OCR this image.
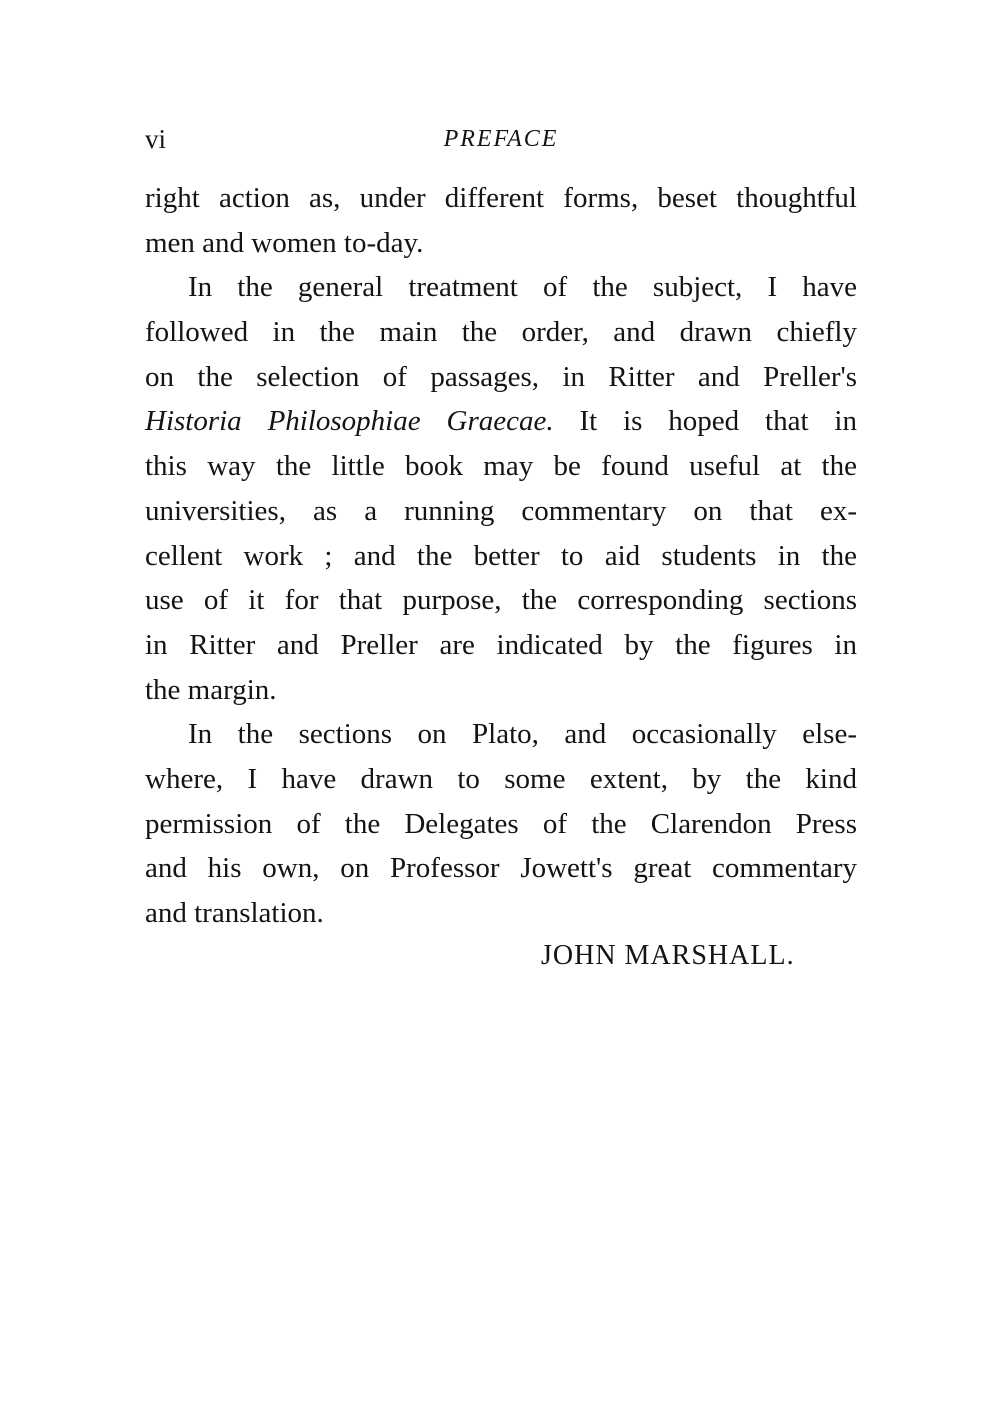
vi	PREFACE
right action as, under different forms, beset thoughtful
men and women to-day.
In the general treatment of the subject, I have
followed in the main the order, and drawn chiefly
on the selection of passages, in Ritter and Preller's
Historia Philosophiae Graecae. It is hoped that in
this way the little book may be found useful at the
universities, as a running commentary on that ex-
cellent work ; and the better to aid students in the
use of it for that purpose, the corresponding sections
in Ritter and Preller are indicated by the figures in
the margin.
In the sections on Plato, and occasionally else-
where, I have drawn to some extent, by the kind
permission of the Delegates of the Clarendon Press
and his own, on Professor Jowett's great commentary
and translation.
JOHN MARSHALL.
